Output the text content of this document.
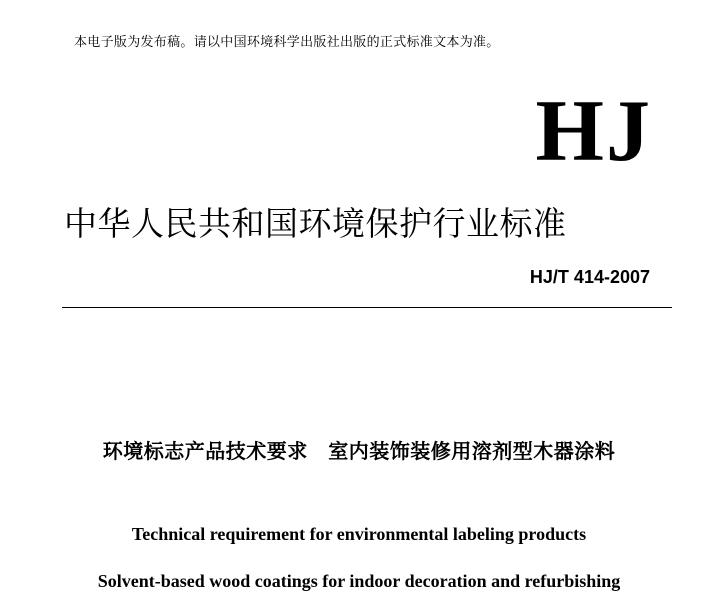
本电子版为发布稿。请以中国环境科学出版社出版的正式标准文本为准。
HJ
中华人民共和国环境保护行业标准
HJ/T 414-2007
环境标志产品技术要求　室内装饰装修用溶剂型木器涂料
Technical requirement for environmental labeling products
Solvent-based wood coatings for indoor decoration and refurbishing
